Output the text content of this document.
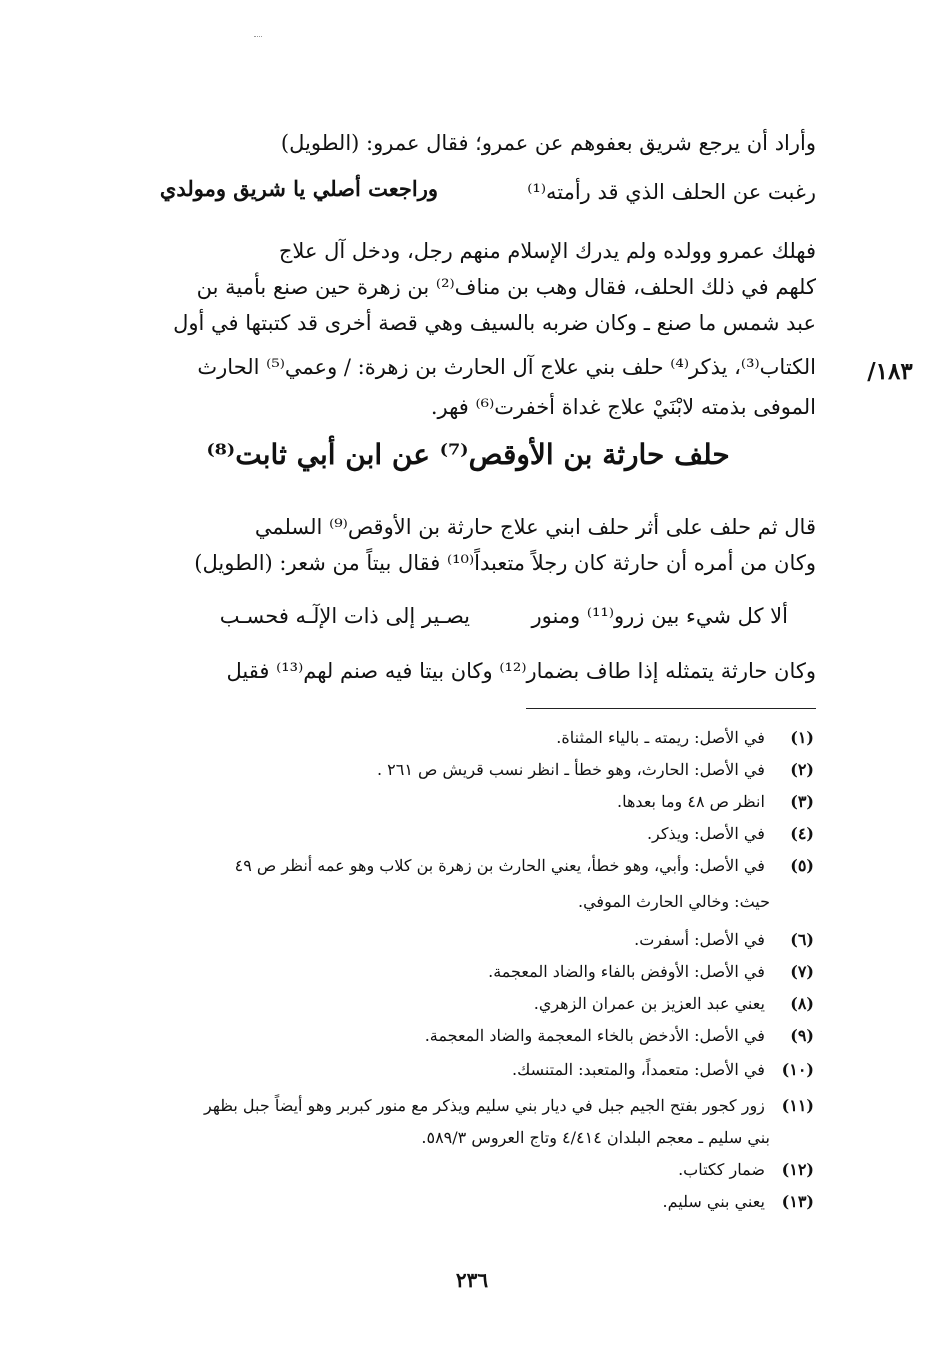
وأراد أن يرجع شريق بعفوهم عن عمرو؛ فقال عمرو: (الطويل)
رغبت عن الحلف الذي قد رأمته⁽¹⁾
وراجعت أصلي يا شريق ومولدي
فهلك عمرو وولده ولم يدرك الإسلام منهم رجل، ودخل آل علاج
كلهم في ذلك الحلف، فقال وهب بن مناف⁽²⁾ بن زهرة حين صنع بأمية بن
عبد شمس ما صنع ـ وكان ضربه بالسيف وهي قصة أخرى قد كتبتها في أول
الكتاب⁽³⁾، يذكر⁽⁴⁾ حلف بني علاج آل الحارث بن زهرة: / وعمي⁽⁵⁾ الحارث
الموفى بذمته لابْنَيْ علاج غداة أخفرت⁽⁶⁾ فهر.
١٨٣/
حلف حارثة بن الأوقص⁽⁷⁾ عن ابن أبي ثابت⁽⁸⁾
قال ثم حلف على أثر حلف ابني علاج حارثة بن الأوقص⁽⁹⁾ السلمي
وكان من أمره أن حارثة كان رجلاً متعبداً⁽¹⁰⁾ فقال بيتاً من شعر: (الطويل)
ألا كل شيء بين زرو⁽¹¹⁾ ومنور
يصـير إلى ذات الإلٓـه فحسـب
وكان حارثة يتمثله إذا طاف بضمار⁽¹²⁾ وكان بيتا فيه صنم لهم⁽¹³⁾ فقيل
(١) في الأصل: ريمته ـ بالياء المثناة.
(٢) في الأصل: الحارث، وهو خطأ ـ انظر نسب قريش ص ٢٦١ .
(٣) انظر ص ٤٨ وما بعدها.
(٤) في الأصل: ويذكر.
(٥) في الأصل: وأبي، وهو خطأ، يعني الحارث بن زهرة بن كلاب وهو عمه أنظر ص ٤٩
حيث: وخالي الحارث الموفي.
(٦) في الأصل: أسفرت.
(٧) في الأصل: الأوفض بالفاء والضاد المعجمة.
(٨) يعني عبد العزيز بن عمران الزهري.
(٩) في الأصل: الأدخض بالخاء المعجمة والضاد المعجمة.
(١٠) في الأصل: متعمداً، والمتعبد: المتنسك.
(١١) زور كجور بفتح الجيم جبل في ديار بني سليم ويذكر مع منور كبربر وهو أيضاً جبل بظهر
بني سليم ـ معجم البلدان ٤/٤١٤ وتاج العروس ٥٨٩/٣.
(١٢) ضمار ككتاب.
(١٣) يعني بني سليم.
٢٣٦
